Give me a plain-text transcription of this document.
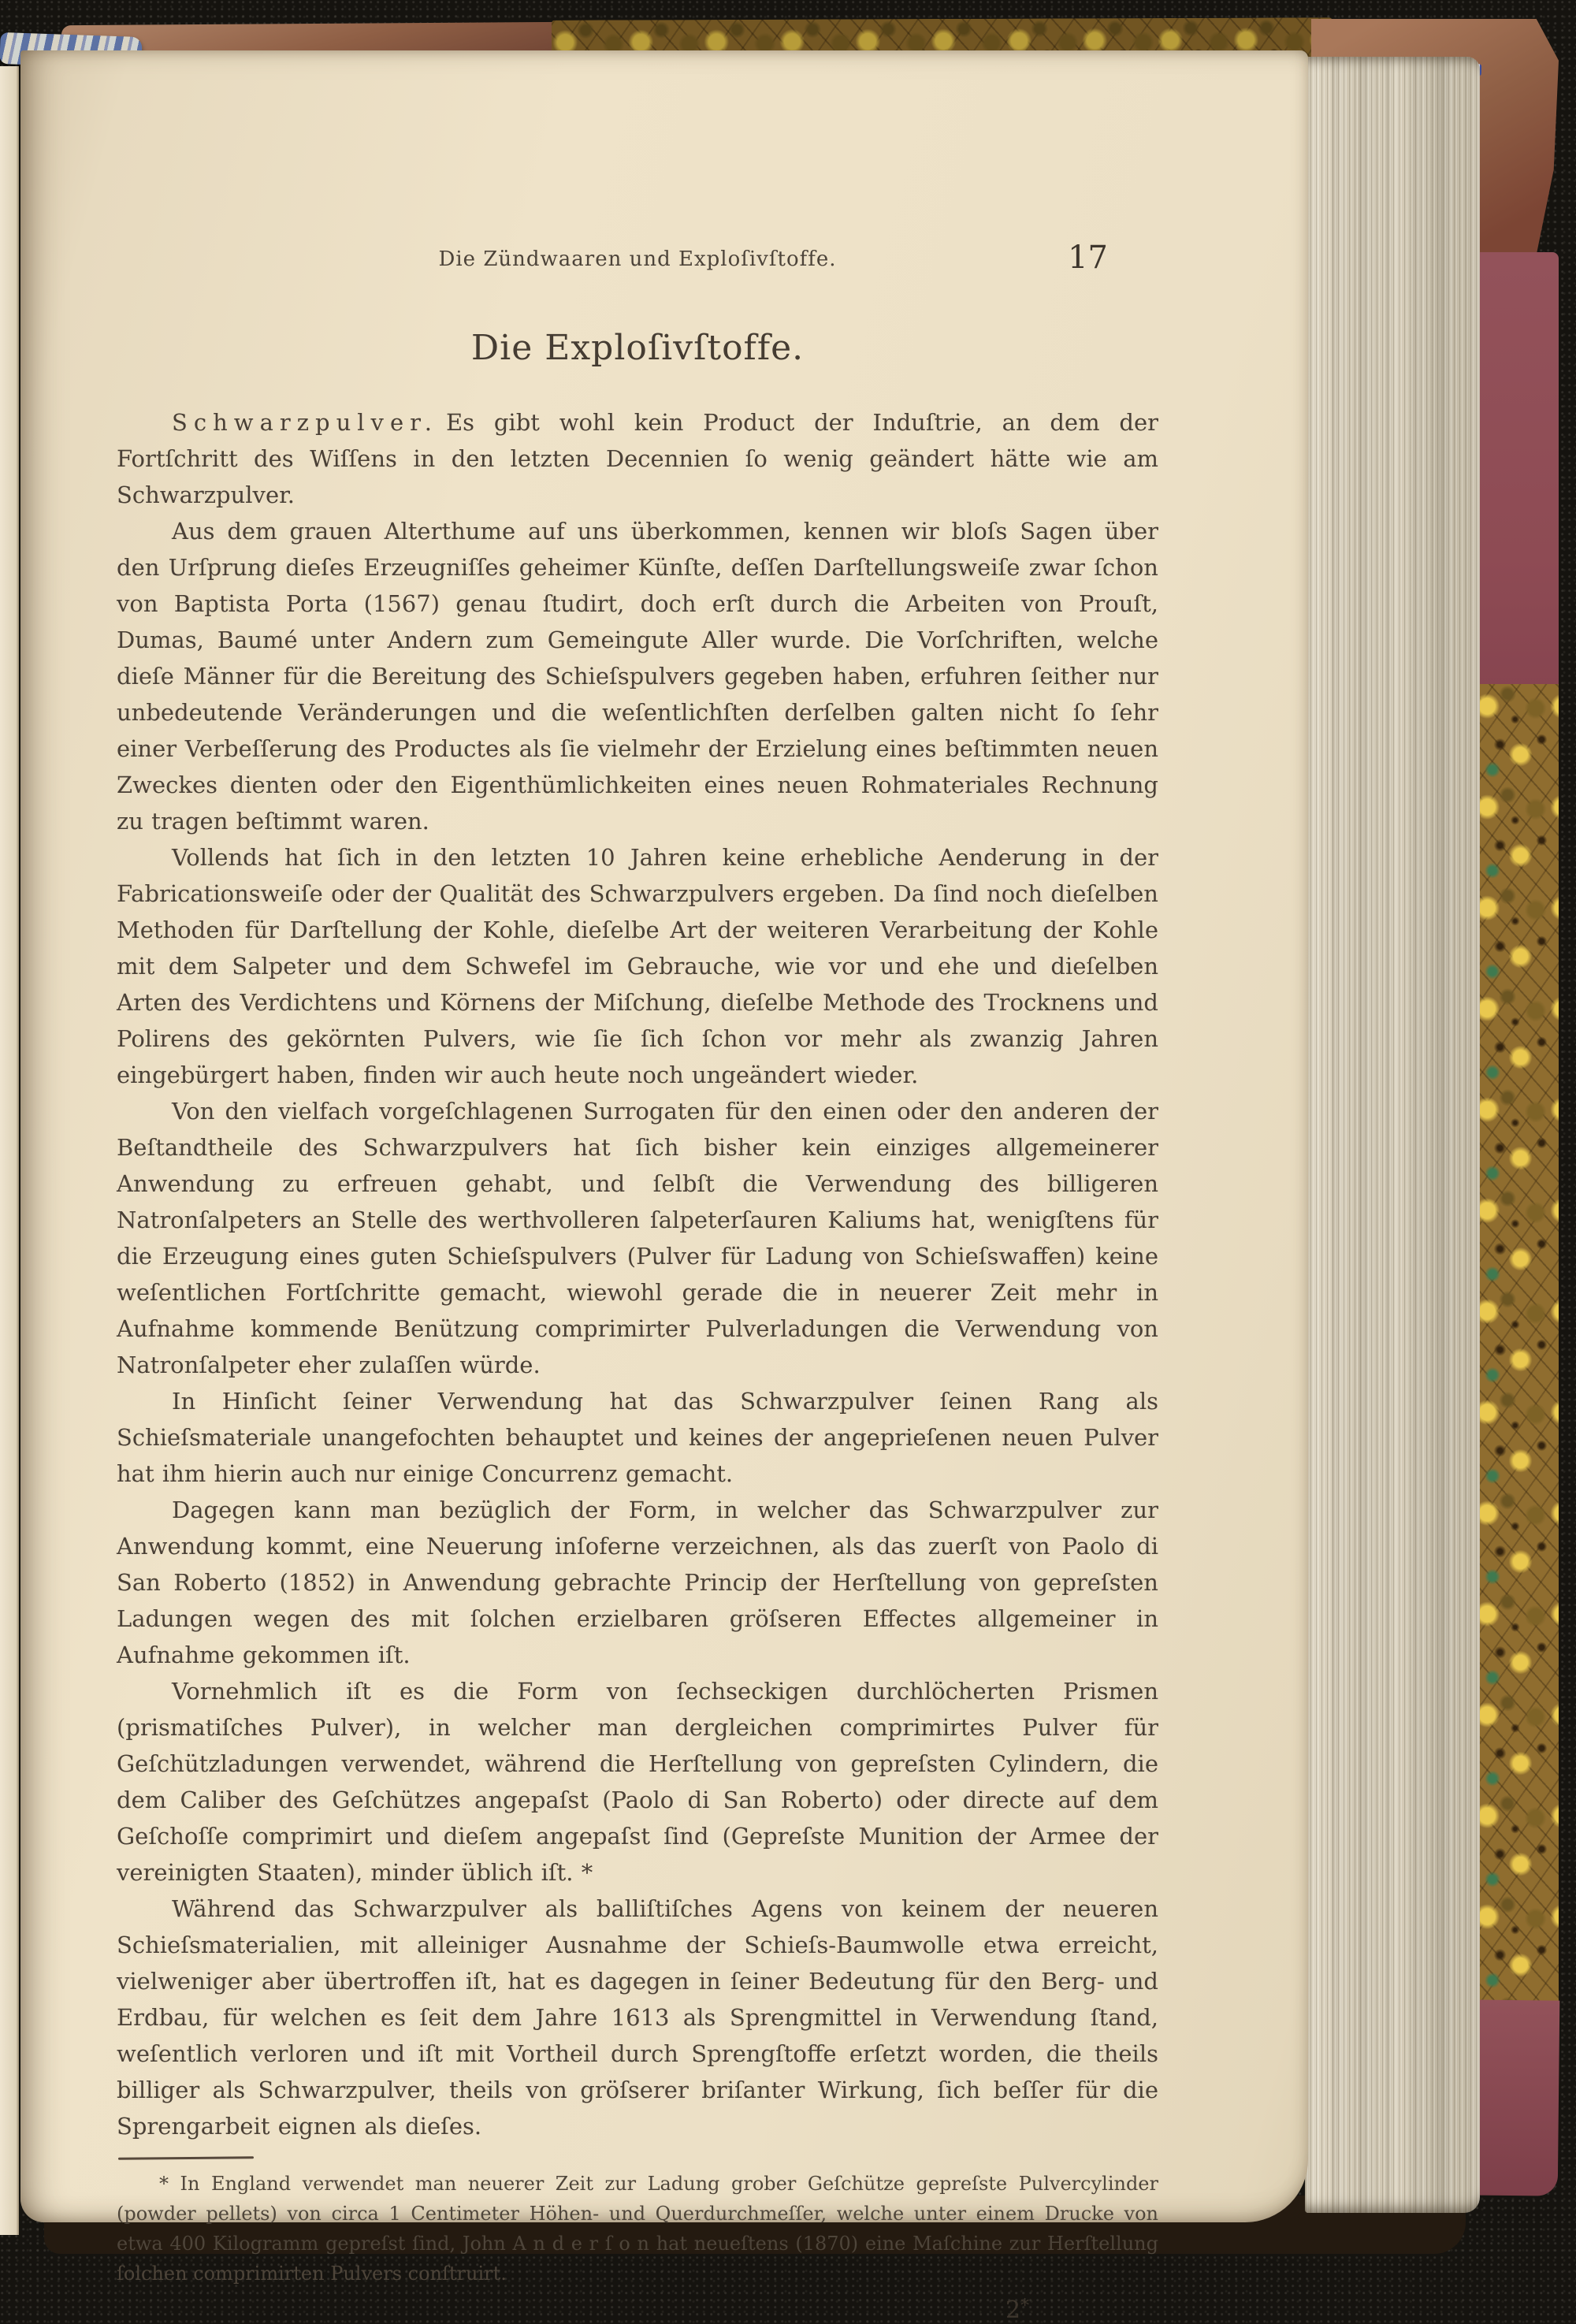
Die Zündwaaren und Exploſivſtoffe.	17
Die Exploſivſtoffe.

Schwarzpulver. Es gibt wohl kein Product der Induſtrie, an dem der Fortſchritt des Wiſſens in den letzten Decennien ſo wenig geändert hätte wie am Schwarzpulver.

Aus dem grauen Alterthume auf uns überkommen, kennen wir bloſs Sagen über den Urſprung dieſes Erzeugniſſes geheimer Künſte, deſſen Darſtellungsweiſe zwar ſchon von Baptista Porta (1567) genau ſtudirt, doch erſt durch die Arbeiten von Prouſt, Dumas, Baumé unter Andern zum Gemeingute Aller wurde. Die Vorſchriften, welche dieſe Männer für die Bereitung des Schieſspulvers gegeben haben, erfuhren ſeither nur unbedeutende Veränderungen und die weſentlichſten derſelben galten nicht ſo ſehr einer Verbeſſerung des Productes als ſie vielmehr der Erzielung eines beſtimmten neuen Zweckes dienten oder den Eigenthümlichkeiten eines neuen Rohmateriales Rechnung zu tragen beſtimmt waren.

Vollends hat ſich in den letzten 10 Jahren keine erhebliche Aenderung in der Fabricationsweiſe oder der Qualität des Schwarzpulvers ergeben. Da ſind noch dieſelben Methoden für Darſtellung der Kohle, dieſelbe Art der weiteren Verarbeitung der Kohle mit dem Salpeter und dem Schwefel im Gebrauche, wie vor und ehe und dieſelben Arten des Verdichtens und Körnens der Miſchung, dieſelbe Methode des Trocknens und Polirens des gekörnten Pulvers, wie ſie ſich ſchon vor mehr als zwanzig Jahren eingebürgert haben, finden wir auch heute noch ungeändert wieder.

Von den vielfach vorgeſchlagenen Surrogaten für den einen oder den anderen der Beſtandtheile des Schwarzpulvers hat ſich bisher kein einziges allgemeinerer Anwendung zu erfreuen gehabt, und ſelbſt die Verwendung des billigeren Natronſalpeters an Stelle des werthvolleren ſalpeterſauren Kaliums hat, wenigſtens für die Erzeugung eines guten Schieſspulvers (Pulver für Ladung von Schieſswaffen) keine weſentlichen Fortſchritte gemacht, wiewohl gerade die in neuerer Zeit mehr in Aufnahme kommende Benützung comprimirter Pulverladungen die Verwendung von Natronſalpeter eher zulaſſen würde.

In Hinſicht ſeiner Verwendung hat das Schwarzpulver ſeinen Rang als Schieſsmateriale unangefochten behauptet und keines der angeprieſenen neuen Pulver hat ihm hierin auch nur einige Concurrenz gemacht.

Dagegen kann man bezüglich der Form, in welcher das Schwarzpulver zur Anwendung kommt, eine Neuerung inſoferne verzeichnen, als das zuerſt von Paolo di San Roberto (1852) in Anwendung gebrachte Princip der Herſtellung von gepreſsten Ladungen wegen des mit ſolchen erzielbaren gröſseren Effectes allgemeiner in Aufnahme gekommen iſt.

Vornehmlich iſt es die Form von ſechseckigen durchlöcherten Prismen (prismatiſches Pulver), in welcher man dergleichen comprimirtes Pulver für Geſchützladungen verwendet, während die Herſtellung von gepreſsten Cylindern, die dem Caliber des Geſchützes angepaſst (Paolo di San Roberto) oder directe auf dem Geſchoſſe comprimirt und dieſem angepaſst ſind (Gepreſste Munition der Armee der vereinigten Staaten), minder üblich iſt. *

Während das Schwarzpulver als balliſtiſches Agens von keinem der neueren Schieſsmaterialien, mit alleiniger Ausnahme der Schieſs-Baumwolle etwa erreicht, vielweniger aber übertroffen iſt, hat es dagegen in ſeiner Bedeutung für den Berg- und Erdbau, für welchen es ſeit dem Jahre 1613 als Sprengmittel in Verwendung ſtand, weſentlich verloren und iſt mit Vortheil durch Sprengſtoffe erſetzt worden, die theils billiger als Schwarzpulver, theils von gröſserer briſanter Wirkung, ſich beſſer für die Sprengarbeit eignen als dieſes.

* In England verwendet man neuerer Zeit zur Ladung grober Geſchütze gepreſste Pulvercylinder (powder pellets) von circa 1 Centimeter Höhen- und Querdurchmeſſer, welche unter einem Drucke von etwa 400 Kilogramm gepreſst ſind, John A n d e r ſ o n hat neueſtens (1870) eine Maſchine zur Herſtellung ſolchen comprimirten Pulvers conſtruirt.

2*
